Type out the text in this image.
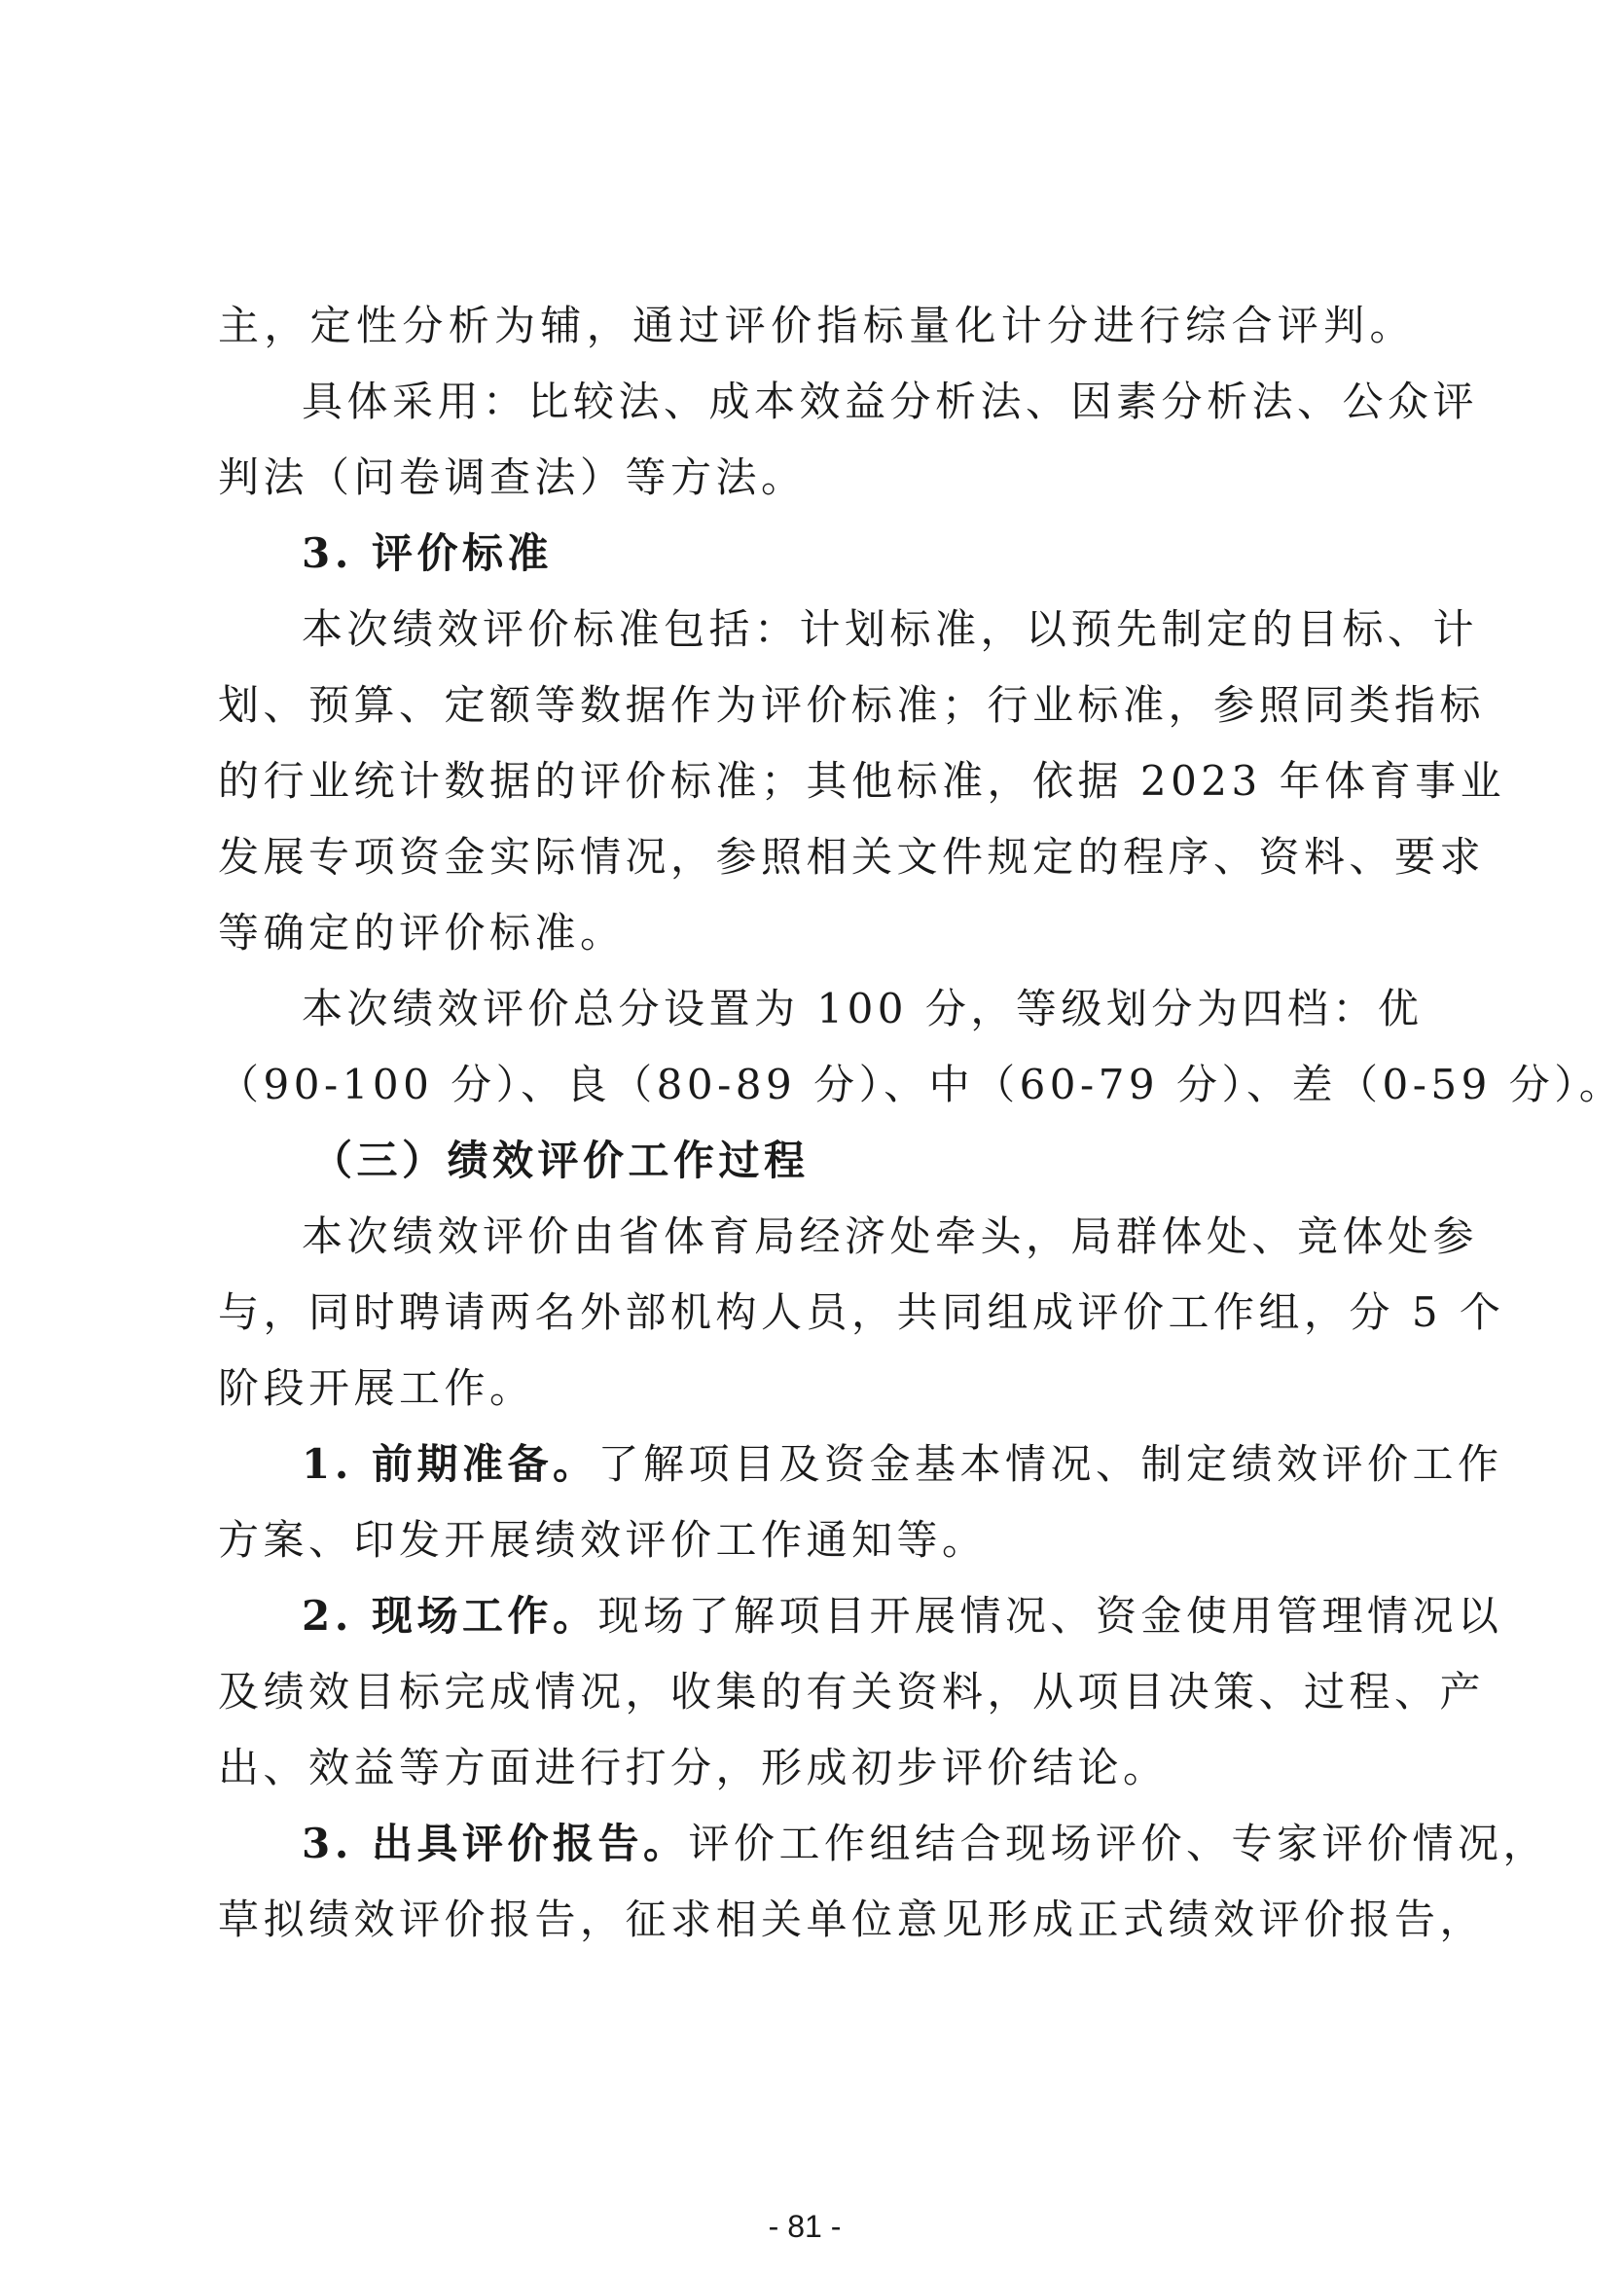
主，定性分析为辅，通过评价指标量化计分进行综合评判。
具体采用：比较法、成本效益分析法、因素分析法、公众评
判法（问卷调查法）等方法。
3. 评价标准
本次绩效评价标准包括：计划标准，以预先制定的目标、计
划、预算、定额等数据作为评价标准；行业标准，参照同类指标
的行业统计数据的评价标准；其他标准，依据 2023 年体育事业
发展专项资金实际情况，参照相关文件规定的程序、资料、要求
等确定的评价标准。
本次绩效评价总分设置为 100 分，等级划分为四档：优
（90-100 分）、良（80-89 分）、中（60-79 分）、差（0-59 分）。
（三）绩效评价工作过程
本次绩效评价由省体育局经济处牵头，局群体处、竞体处参
与，同时聘请两名外部机构人员，共同组成评价工作组，分 5 个
阶段开展工作。
1. 前期准备。了解项目及资金基本情况、制定绩效评价工作
方案、印发开展绩效评价工作通知等。
2. 现场工作。现场了解项目开展情况、资金使用管理情况以
及绩效目标完成情况，收集的有关资料，从项目决策、过程、产
出、效益等方面进行打分，形成初步评价结论。
3. 出具评价报告。评价工作组结合现场评价、专家评价情况，
草拟绩效评价报告，征求相关单位意见形成正式绩效评价报告，
- 81 -
